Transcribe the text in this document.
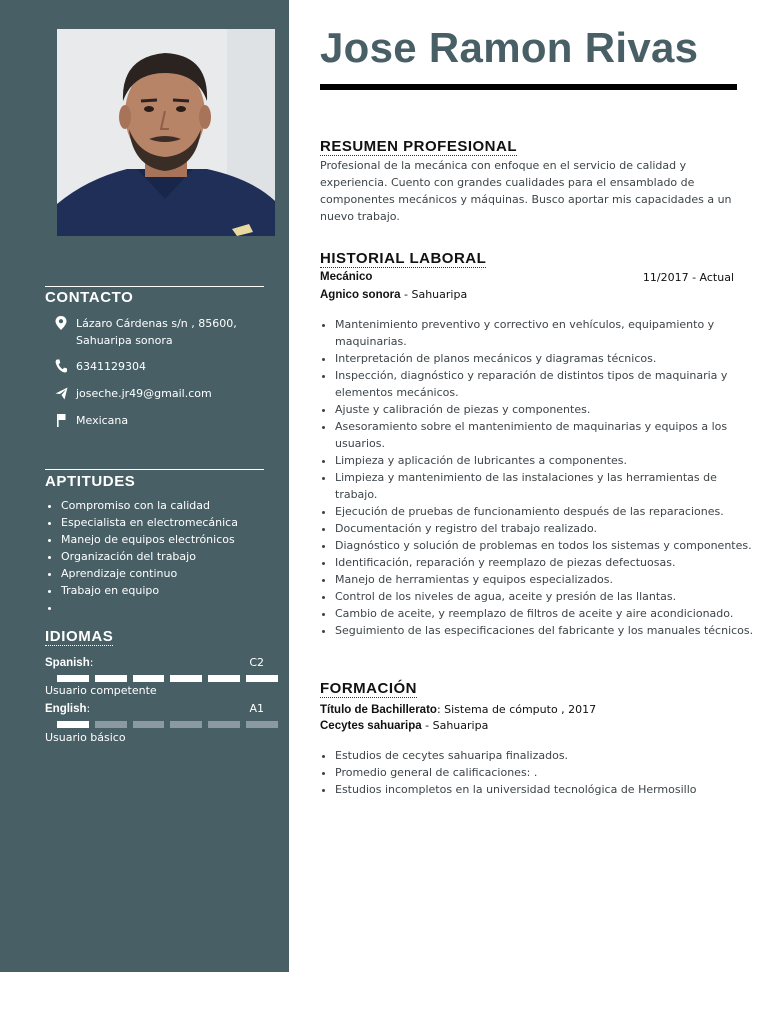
CONTACTO
Lázaro Cárdenas s/n , 85600, Sahuaripa sonora
6341129304
joseche.jr49@gmail.com
Mexicana
APTITUDES
• Compromiso con la calidad
• Especialista en electromecánica
• Manejo de equipos electrónicos
• Organización del trabajo
• Aprendizaje continuo
• Trabajo en equipo
•
IDIOMAS
Spanish:	C2
Usuario competente
English:	A1
Usuario básico
Jose Ramon Rivas
RESUMEN PROFESIONAL
Profesional de la mecánica con enfoque en el servicio de calidad y experiencia. Cuento con grandes cualidades para el ensamblado de componentes mecánicos y máquinas. Busco aportar mis capacidades a un nuevo trabajo.
HISTORIAL LABORAL
Mecánico	11/2017 - Actual
Agnico sonora - Sahuaripa
• Mantenimiento preventivo y correctivo en vehículos, equipamiento y maquinarias.
• Interpretación de planos mecánicos y diagramas técnicos.
• Inspección, diagnóstico y reparación de distintos tipos de maquinaria y elementos mecánicos.
• Ajuste y calibración de piezas y componentes.
• Asesoramiento sobre el mantenimiento de maquinarias y equipos a los usuarios.
• Limpieza y aplicación de lubricantes a componentes.
• Limpieza y mantenimiento de las instalaciones y las herramientas de trabajo.
• Ejecución de pruebas de funcionamiento después de las reparaciones.
• Documentación y registro del trabajo realizado.
• Diagnóstico y solución de problemas en todos los sistemas y componentes.
• Identificación, reparación y reemplazo de piezas defectuosas.
• Manejo de herramientas y equipos especializados.
• Control de los niveles de agua, aceite y presión de las llantas.
• Cambio de aceite, y reemplazo de filtros de aceite y aire acondicionado.
• Seguimiento de las especificaciones del fabricante y los manuales técnicos.
FORMACIÓN
Título de Bachillerato: Sistema de cómputo , 2017
Cecytes sahuaripa - Sahuaripa
• Estudios de cecytes sahuaripa finalizados.
• Promedio general de calificaciones: .
• Estudios incompletos en la universidad tecnológica de Hermosillo
